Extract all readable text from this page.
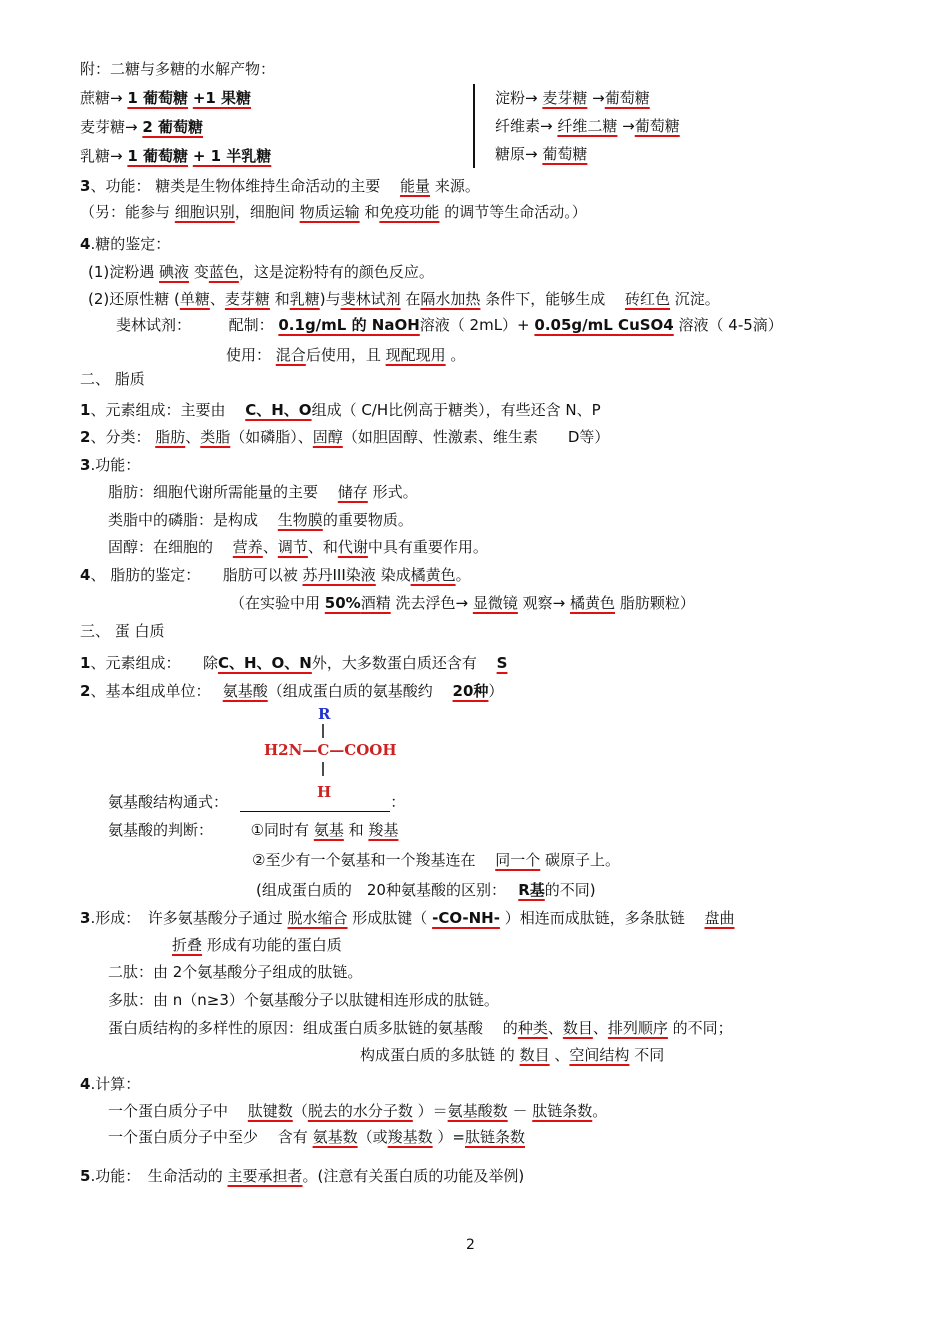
附：二糖与多糖的水解产物：
蔗糖→ 1 葡萄糖 +1 果糖
麦芽糖→ 2 葡萄糖
乳糖→ 1 葡萄糖 + 1 半乳糖
淀粉→ 麦芽糖 →葡萄糖
纤维素→ 纤维二糖 →葡萄糖
糖原→ 葡萄糖
3、功能： 糖类是生物体维持生命活动的主要　 能量 来源。
（另：能参与 细胞识别，细胞间 物质运输 和免疫功能 的调节等生命活动。）
4.糖的鉴定：
(1)淀粉遇 碘液 变蓝色，这是淀粉特有的颜色反应。
(2)还原性糖 (单糖、麦芽糖 和乳糖)与斐林试剂 在隔水加热 条件下，能够生成　 砖红色 沉淀。
斐林试剂：	配制： 0.1g/mL 的 NaOH溶液（ 2mL）+ 0.05g/mL CuSO4 溶液（ 4-5滴）
使用： 混合后使用，且 现配现用 。
二、 脂质
1、元素组成：主要由　 C、H、O组成（ C/H比例高于糖类），有些还含 N、P
2、分类： 脂肪、类脂（如磷脂）、固醇（如胆固醇、性激素、维生素　　D等）
3.功能：
脂肪：细胞代谢所需能量的主要　 储存 形式。
类脂中的磷脂：是构成　 生物膜的重要物质。
固醇：在细胞的　 营养、调节、和代谢中具有重要作用。
4、 脂肪的鉴定：　　脂肪可以被 苏丹III染液 染成橘黄色。
（在实验中用 50%酒精 洗去浮色→ 显微镜 观察→ 橘黄色 脂肪颗粒）
三、 蛋 白质
1、元素组成：　　除C、H、O、N外，大多数蛋白质还含有　 S
2、基本组成单位：　 氨基酸（组成蛋白质的氨基酸约　 20种）
R
H2N—C—COOH
H
氨基酸结构通式：　	：
氨基酸的判断：	①同时有 氨基 和 羧基
②至少有一个氨基和一个羧基连在　 同一个 碳原子上。
(组成蛋白质的　20种氨基酸的区别：　 R基的不同)
3.形成：　许多氨基酸分子通过 脱水缩合 形成肽键（ -CO-NH- ）相连而成肽链，多条肽链　 盘曲
折叠 形成有功能的蛋白质
二肽：由 2个氨基酸分子组成的肽链。
多肽：由 n（n≥3）个氨基酸分子以肽键相连形成的肽链。
蛋白质结构的多样性的原因：组成蛋白质多肽链的氨基酸　 的种类、数目、排列顺序 的不同；
构成蛋白质的多肽链 的 数目 、空间结构 不同
4.计算：
一个蛋白质分子中　 肽键数（脱去的水分子数 ）＝氨基酸数 － 肽链条数。
一个蛋白质分子中至少　 含有 氨基数（或羧基数 ）=肽链条数
5.功能：　生命活动的 主要承担者。(注意有关蛋白质的功能及举例)
2
